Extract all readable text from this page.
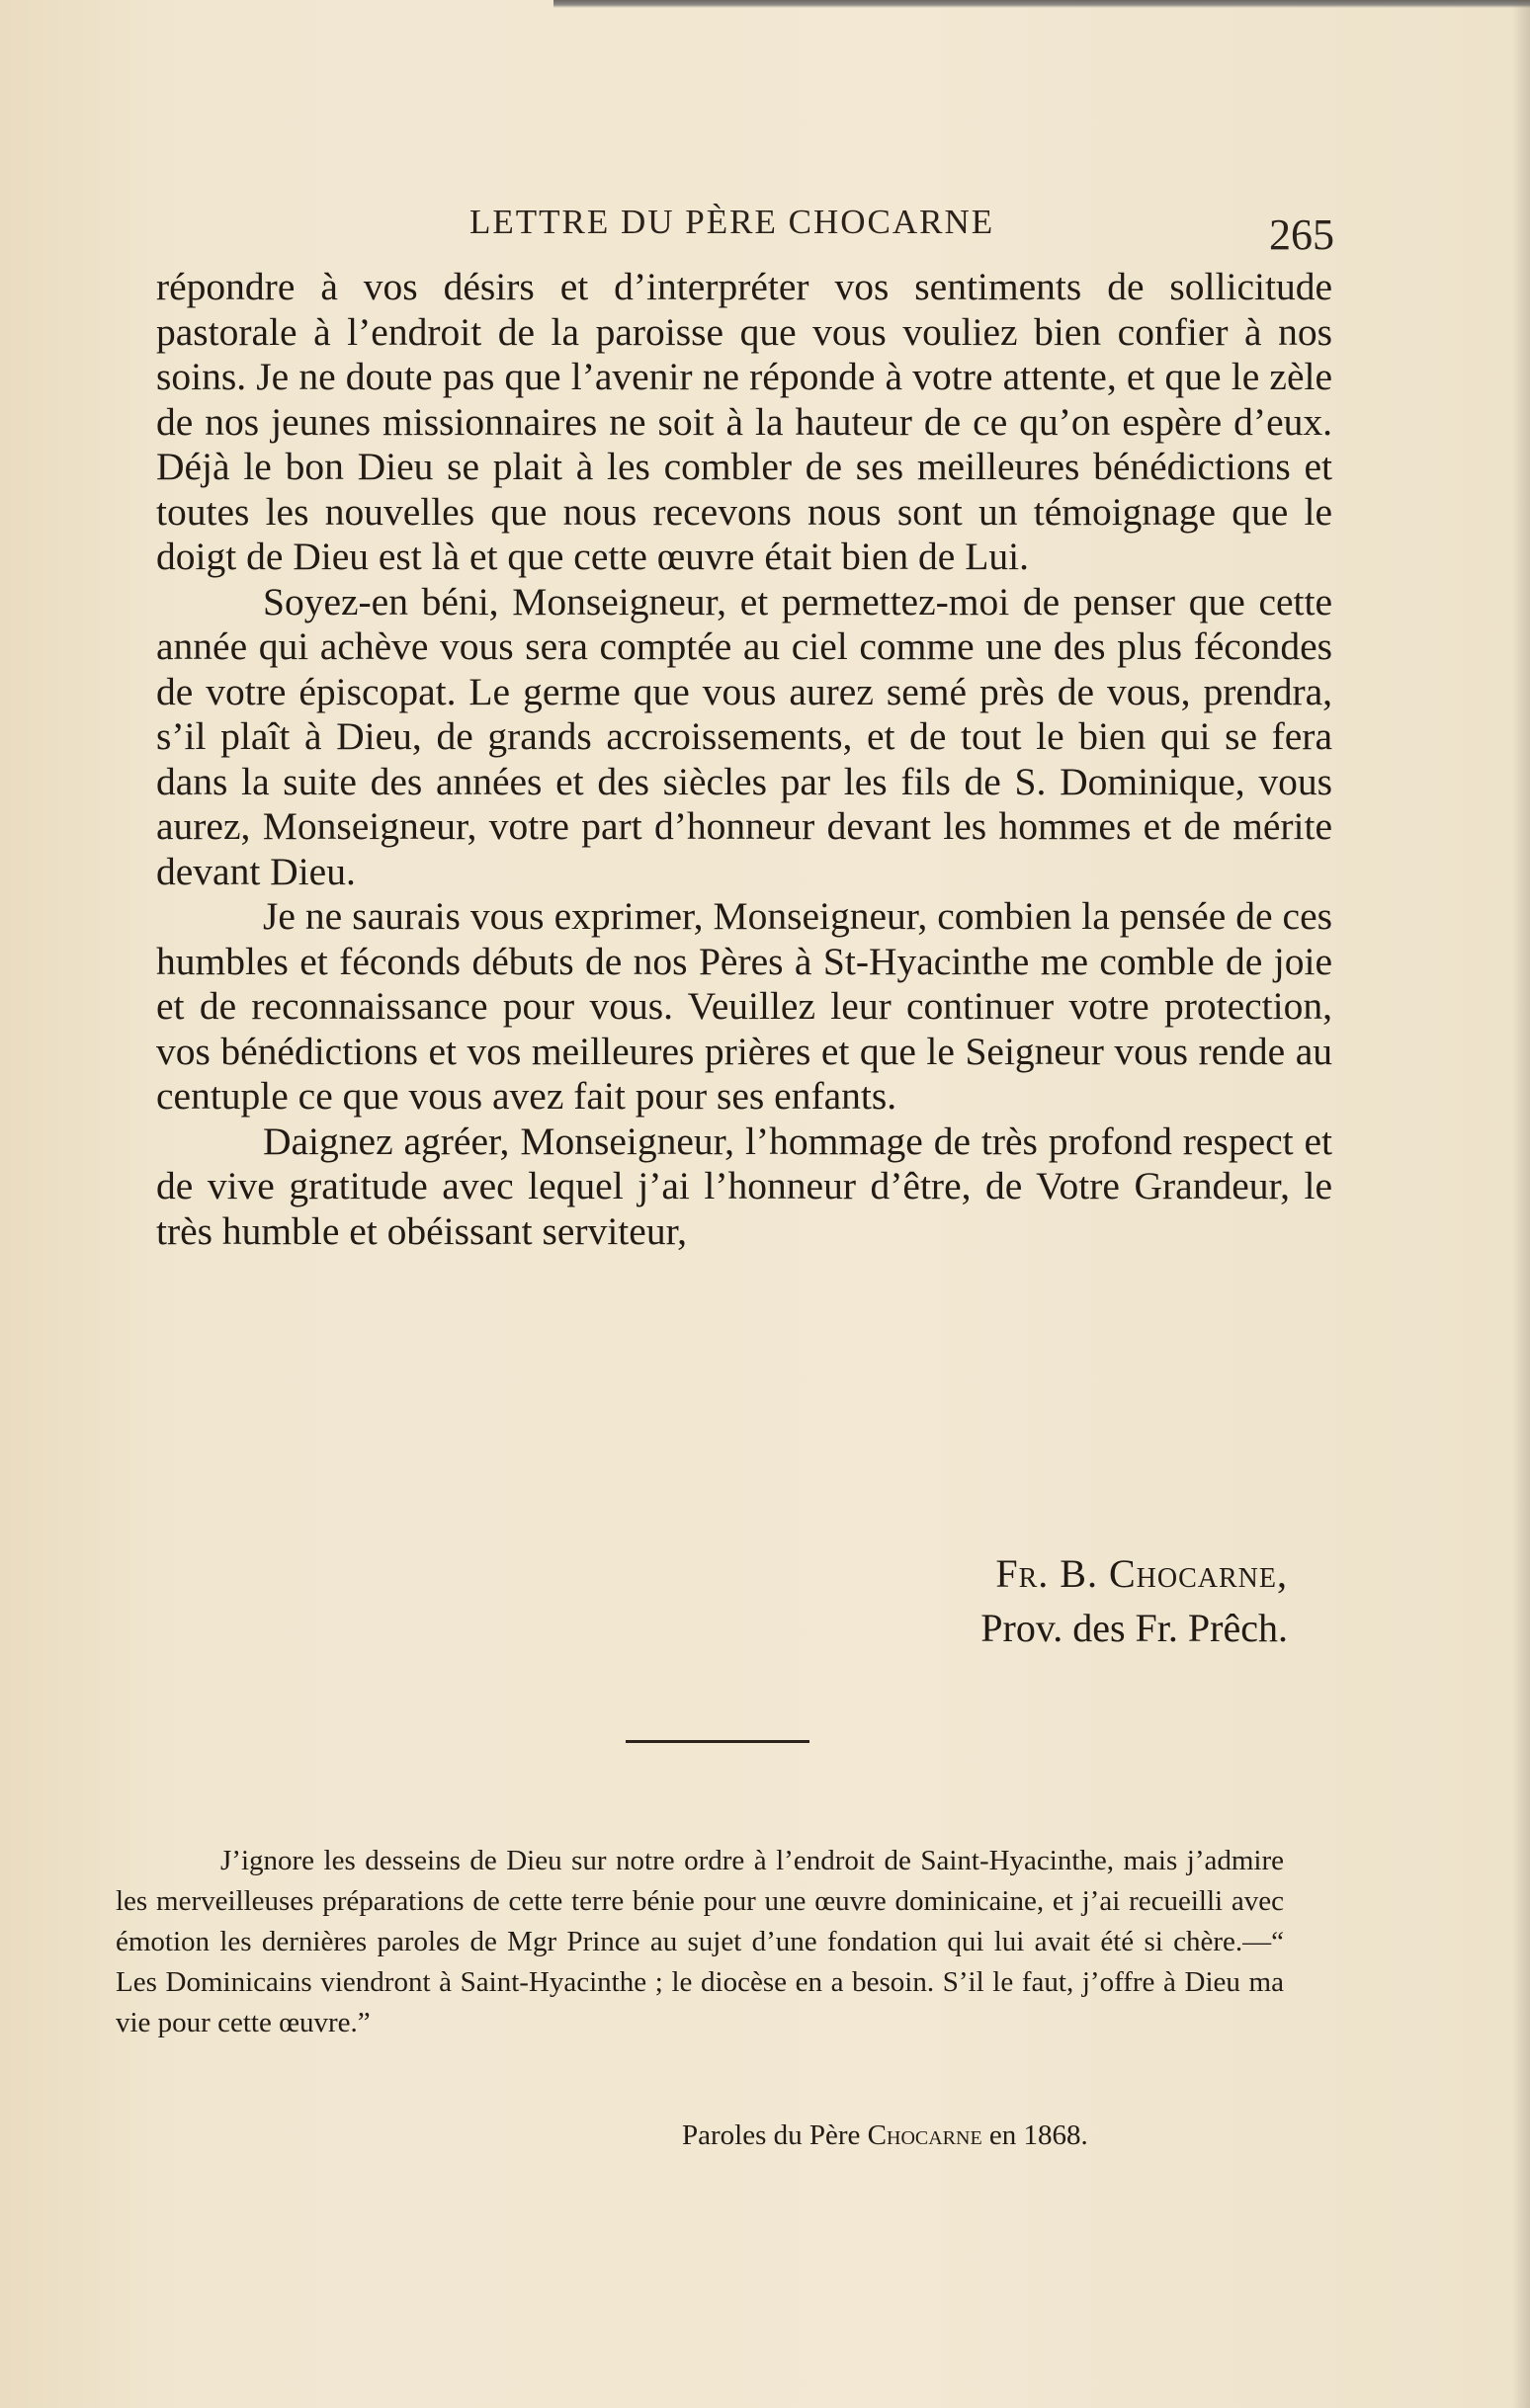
LETTRE DU PÈRE CHOCARNE	265

répondre à vos désirs et d’interpréter vos sentiments de sollicitude pastorale à l’endroit de la paroisse que vous vouliez bien confier à nos soins. Je ne doute pas que l’avenir ne réponde à votre attente, et que le zèle de nos jeunes missionnaires ne soit à la hauteur de ce qu’on espère d’eux. Déjà le bon Dieu se plait à les combler de ses meilleures bénédictions et toutes les nouvelles que nous recevons nous sont un témoignage que le doigt de Dieu est là et que cette œuvre était bien de Lui.

Soyez-en béni, Monseigneur, et permettez-moi de penser que cette année qui achève vous sera comptée au ciel comme une des plus fécondes de votre épiscopat. Le germe que vous aurez semé près de vous, prendra, s’il plaît à Dieu, de grands accroissements, et de tout le bien qui se fera dans la suite des années et des siècles par les fils de S. Dominique, vous aurez, Monseigneur, votre part d’honneur devant les hommes et de mérite devant Dieu.

Je ne saurais vous exprimer, Monseigneur, combien la pensée de ces humbles et féconds débuts de nos Pères à St-Hyacinthe me comble de joie et de reconnaissance pour vous. Veuillez leur continuer votre protection, vos bénédictions et vos meilleures prières et que le Seigneur vous rende au centuple ce que vous avez fait pour ses enfants.

Daignez agréer, Monseigneur, l’hommage de très profond respect et de vive gratitude avec lequel j’ai l’honneur d’être, de Votre Grandeur, le très humble et obéissant serviteur,

Fr. B. Chocarne,
Prov. des Fr. Prêch.

J’ignore les desseins de Dieu sur notre ordre à l’endroit de Saint-Hyacinthe, mais j’admire les merveilleuses préparations de cette terre bénie pour une œuvre dominicaine, et j’ai recueilli avec émotion les dernières paroles de Mgr Prince au sujet d’une fondation qui lui avait été si chère.—“ Les Dominicains viendront à Saint-Hyacinthe ; le diocèse en a besoin. S’il le faut, j’offre à Dieu ma vie pour cette œuvre.”

Paroles du Père Chocarne en 1868.
